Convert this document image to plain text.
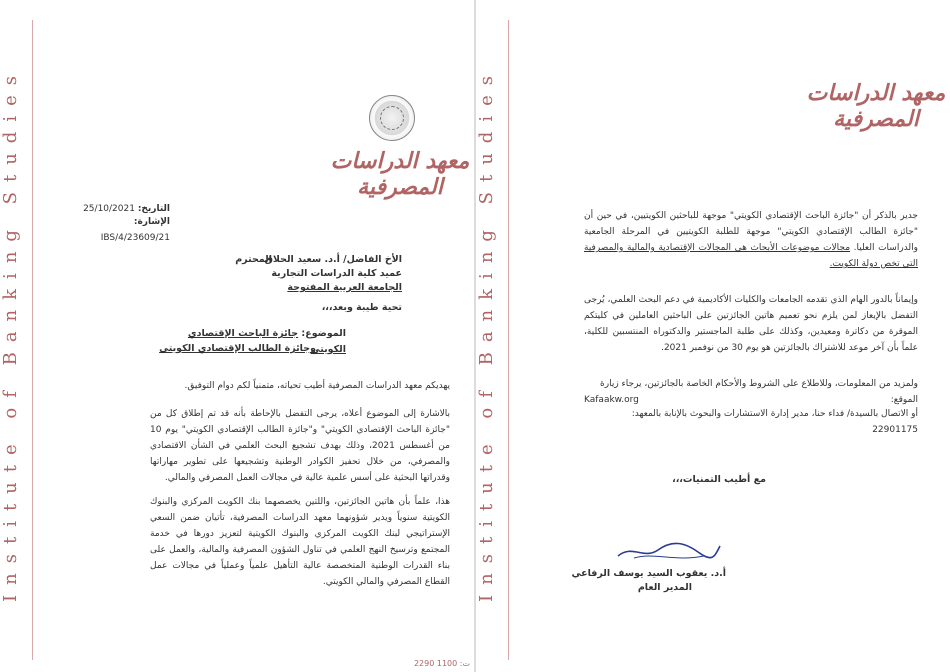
Institute of Banking Studies	معهد الدراسات المصرفية
التاريخ: 25/10/2021
الإشارة: IBS/4/23609/21
الأخ الفاضل/ أ.د. سعيد الحلاق
المحترم
عميد كلية الدراسات التجارية
الجامعة العربية المفتوحة
تحية طيبة وبعد،،،
الموضوع: جائزة الباحث الإقتصادي الكويتي
وجائزة الطالب الإقتصادي الكويتي
يهديكم معهد الدراسات المصرفية أطيب تحياته، متمنياً لكم دوام التوفيق.
بالاشارة إلى الموضوع أعلاه، يرجى التفضل بالإحاطة بأنه قد تم إطلاق كل من "جائزة الباحث الإقتصادي الكويتي" و"جائزة الطالب الإقتصادي الكويتي" يوم 10 من أغسطس 2021، وذلك بهدف تشجيع البحث العلمي في الشأن الاقتصادي والمصرفي، من خلال تحفيز الكوادر الوطنية وتشجيعها على تطوير مهاراتها وقدراتها البحثية على أسس علمية عالية في مجالات العمل المصرفي والمالي.
هذا، علماً بأن هاتين الجائزتين، واللتين يخصصهما بنك الكويت المركزي والبنوك الكويتية سنوياً ويدير شؤونهما معهد الدراسات المصرفية، تأتيان ضمن السعي الإستراتيجي لبنك الكويت المركزي والبنوك الكويتية لتعزيز دورها في خدمة المجتمع وترسيخ النهج العلمي في تناول الشؤون المصرفية والمالية، والعمل على بناء القدرات الوطنية المتخصصة عالية التأهيل علمياً وعملياً في مجالات عمل القطاع المصرفي والمالي الكويتي.
ت: 1100 2290
Institute of Banking Studies	معهد الدراسات المصرفية
جدير بالذكر أن "جائزة الباحث الإقتصادي الكويتي" موجهة للباحثين الكويتيين، في حين أن "جائزة الطالب الإقتصادي الكويتي" موجهة للطلبة الكويتيين في المرحلة الجامعية والدراسات العليا. مجالات موضوعات الأبحاث هي المجالات الإقتصادية والمالية والمصرفية التي تخص دولة الكويت.
وإيماناً بالدور الهام الذي تقدمه الجامعات والكليات الأكاديمية في دعم البحث العلمي، يُرجى التفضل بالإيعاز لمن يلزم نحو تعميم هاتين الجائزتين على الباحثين العاملين في كليتكم الموقرة من دكاترة ومعيدين، وكذلك على طلبة الماجستير والدكتوراه المنتسبين للكلية، علماً بأن آخر موعد للاشتراك بالجائزتين هو يوم 30 من نوفمبر 2021.
ولمزيد من المعلومات، وللاطلاع على الشروط والأحكام الخاصة بالجائزتين، يرجاء زيارة الموقع:
Kafaakw.org
أو الاتصال بالسيدة/ فداء حنا، مدير إدارة الاستشارات والبحوث بالإنابة بالمعهد: 22901175
مع أطيب التمنيات،،،
أ.د. يعقوب السيد يوسف الرفاعي
المدير العام
